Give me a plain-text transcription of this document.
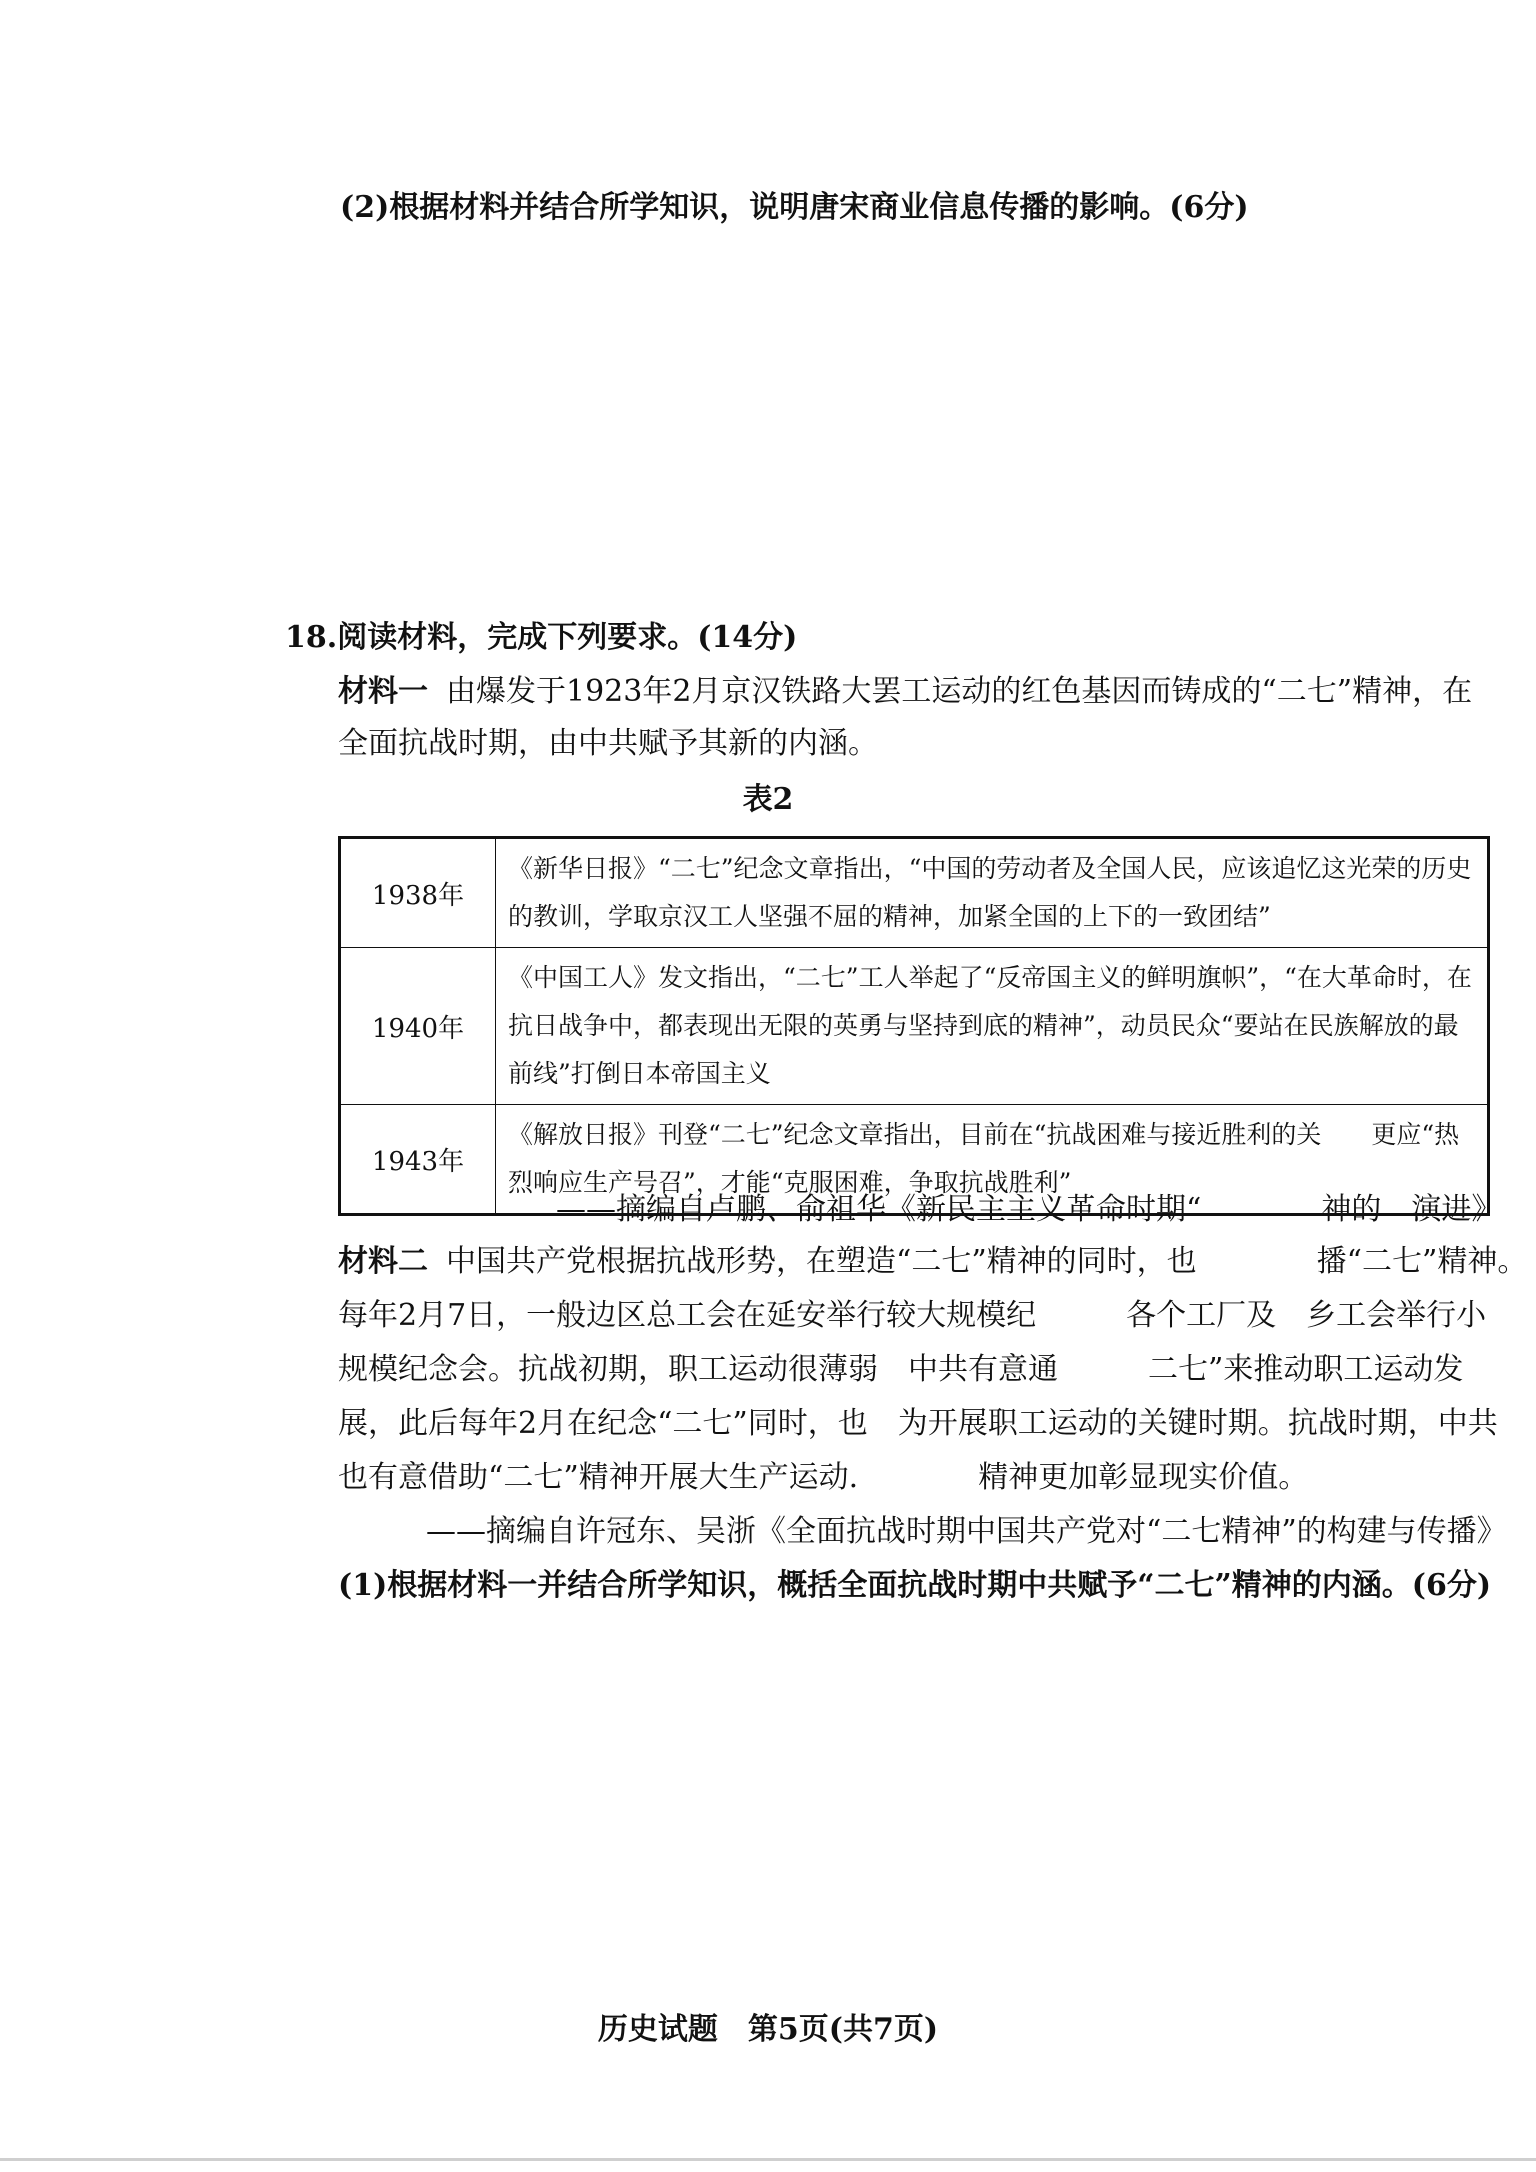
(2)根据材料并结合所学知识，说明唐宋商业信息传播的影响。(6分)
18.阅读材料，完成下列要求。(14分)
材料一 由爆发于1923年2月京汉铁路大罢工运动的红色基因而铸成的“二七”精神，在
全面抗战时期，由中共赋予其新的内涵。
表2
1938年	《新华日报》“二七”纪念文章指出，“中国的劳动者及全国人民，应该追忆这光荣的历史的教训，学取京汉工人坚强不屈的精神，加紧全国的上下的一致团结”
1940年	《中国工人》发文指出，“二七”工人举起了“反帝国主义的鲜明旗帜”，“在大革命时，在抗日战争中，都表现出无限的英勇与坚持到底的精神”，动员民众“要站在民族解放的最前线”打倒日本帝国主义
1943年	《解放日报》刊登“二七”纪念文章指出，目前在“抗战困难与接近胜利的关　　更应“热烈响应生产号召”，才能“克服困难，争取抗战胜利”
——摘编自卢鹏、俞祖华《新民主主义革命时期“　　　　神的　演进》
材料二 中国共产党根据抗战形势，在塑造“二七”精神的同时，也　　　　播“二七”精神。
每年2月7日，一般边区总工会在延安举行较大规模纪　　　各个工厂及　乡工会举行小
规模纪念会。抗战初期，职工运动很薄弱　中共有意通　　　二七”来推动职工运动发
展，此后每年2月在纪念“二七”同时，也　为开展职工运动的关键时期。抗战时期，中共
也有意借助“二七”精神开展大生产运动.　　　　精神更加彰显现实价值。
——摘编自许冠东、吴浙《全面抗战时期中国共产党对“二七精神”的构建与传播》
(1)根据材料一并结合所学知识，概括全面抗战时期中共赋予“二七”精神的内涵。(6分)
历史试题　第5页(共7页)
